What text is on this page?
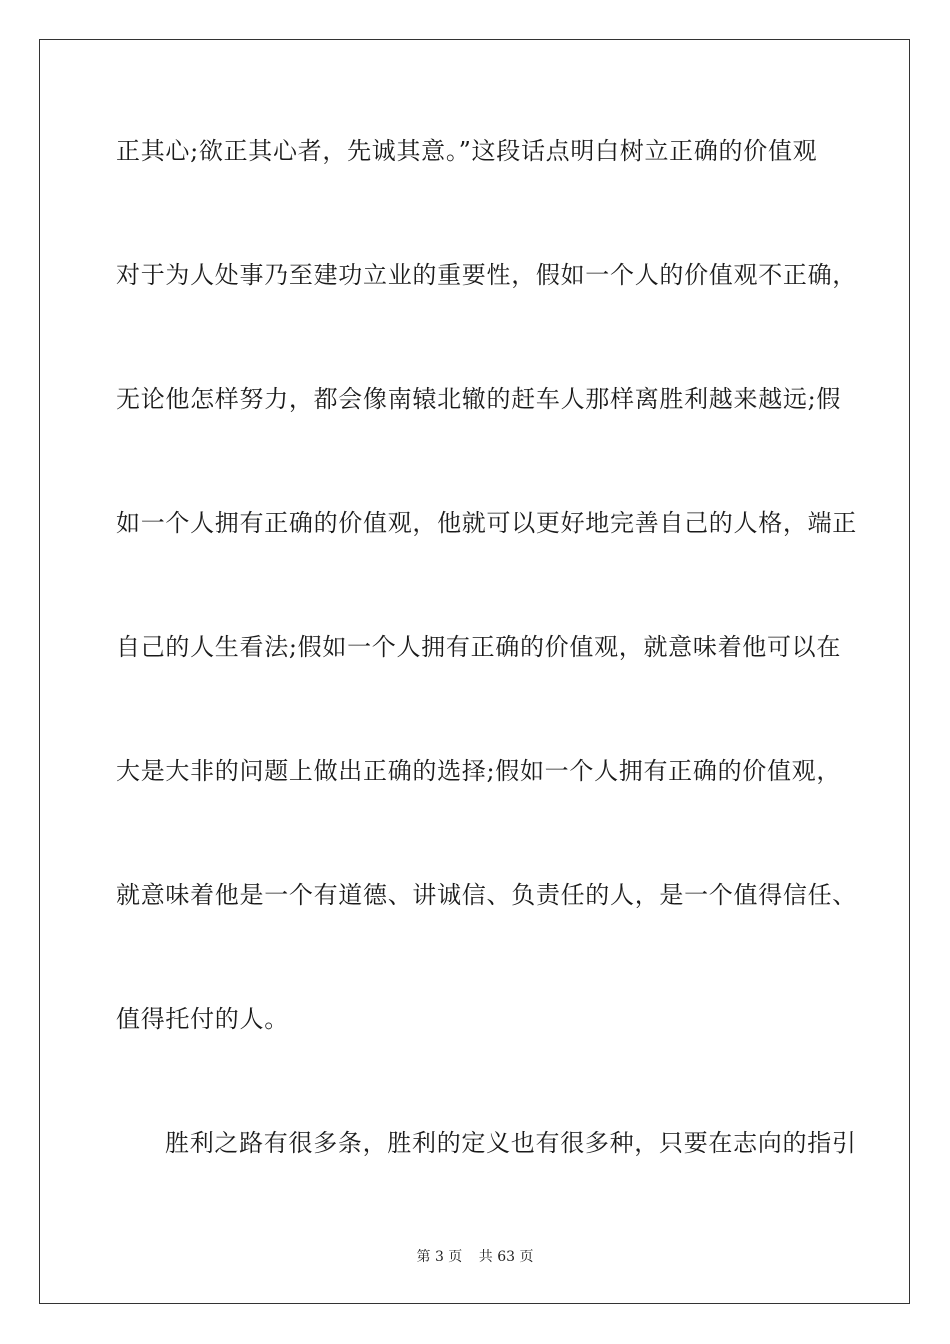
正其心;欲正其心者，先诚其意。”这段话点明白树立正确的价值观
对于为人处事乃至建功立业的重要性，假如一个人的价值观不正确，
无论他怎样努力，都会像南辕北辙的赶车人那样离胜利越来越远;假
如一个人拥有正确的价值观，他就可以更好地完善自己的人格，端正
自己的人生看法;假如一个人拥有正确的价值观，就意味着他可以在
大是大非的问题上做出正确的选择;假如一个人拥有正确的价值观，
就意味着他是一个有道德、讲诚信、负责任的人，是一个值得信任、
值得托付的人。
胜利之路有很多条，胜利的定义也有很多种，只要在志向的指引
第 3 页 共 63 页
